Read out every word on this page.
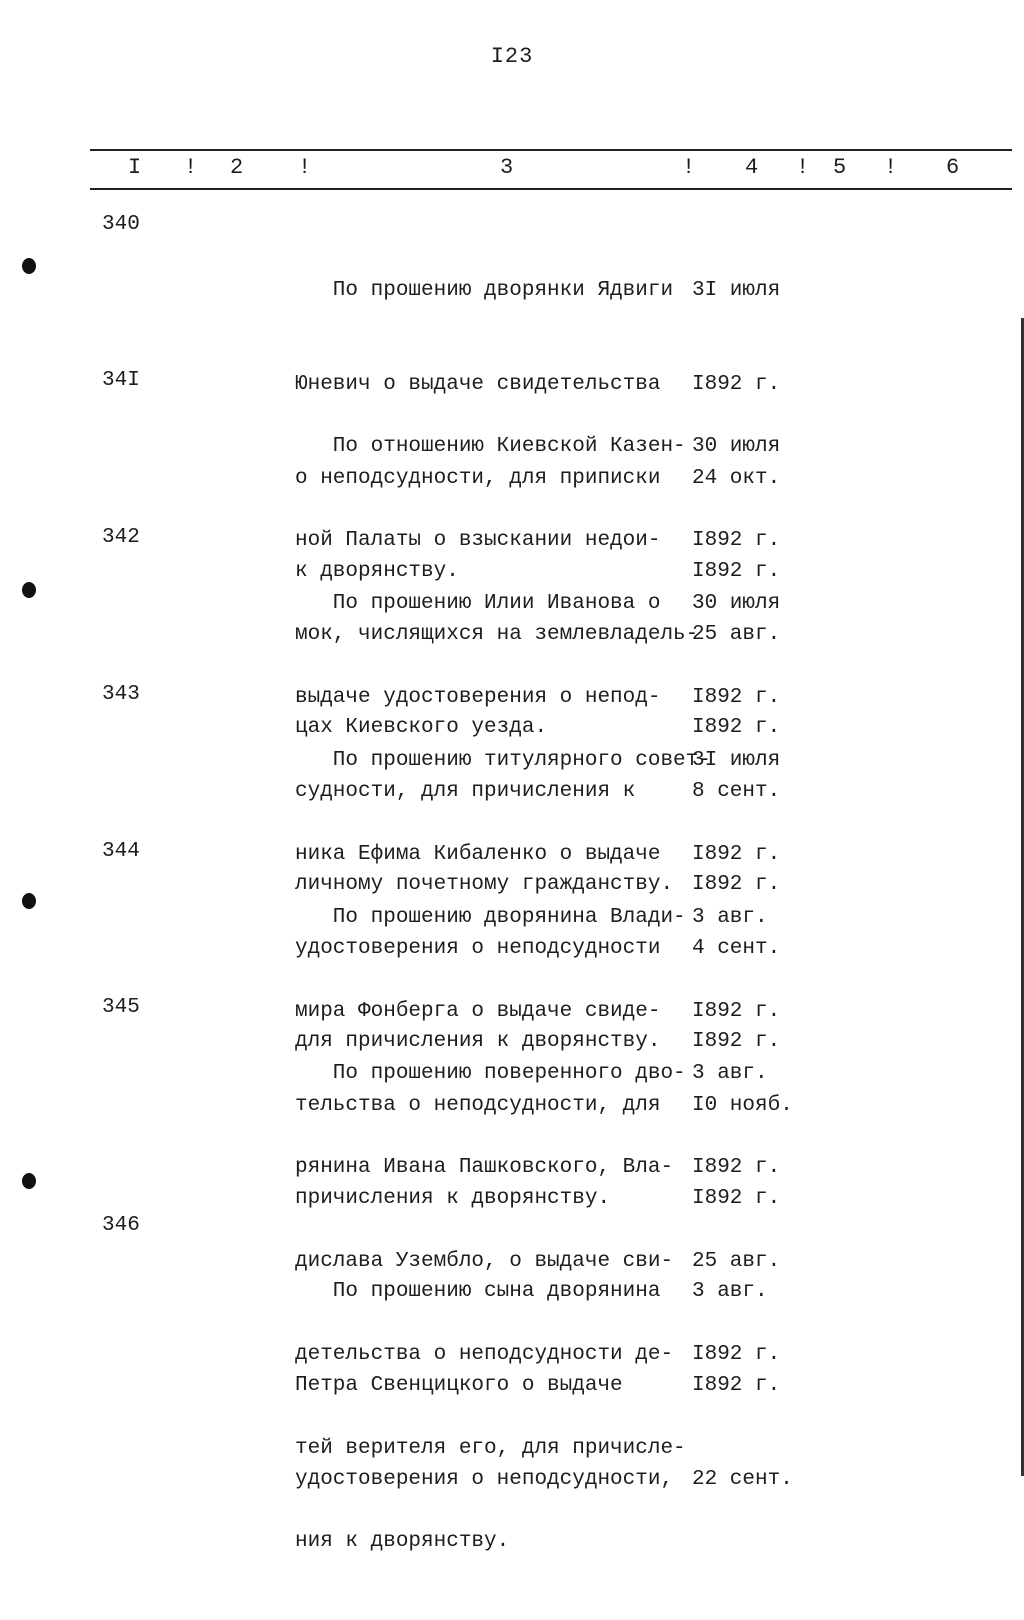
I23

I

!

2

!

	3

	!

4

!

5

!

6

340

По прошению дворянки Ядвиги

Юневич о выдаче свидетельства

о неподсудности, для приписки

к дворянству.

3I июля

I892 г.

24 окт.

I892 г.

34I

По отношению Киевской Казен-

ной Палаты о взыскании недои-

мок, числящихся на землевладель-

цах Киевского уезда.

30 июля

I892 г.

25 авг.

I892 г.

342

По прошению Илии Иванова о

выдаче удостоверения о непод-

судности, для причисления к

личному почетному гражданству.

30 июля

I892 г.

8 сент.

I892 г.

343

По прошению титулярного совет-

ника Ефима Кибаленко о выдаче

удостоверения о неподсудности

для причисления к дворянству.

3I июля

I892 г.

4 сент.

I892 г.

344

По прошению дворянина Влади-

мира Фонберга о выдаче свиде-

тельства о неподсудности, для

причисления к дворянству.

3 авг.

I892 г.

I0 нояб.

I892 г.

345

По прошению поверенного дво-

рянина Ивана Пашковского, Вла-

дислава Узембло, о выдаче сви-

детельства о неподсудности де-

тей верителя его, для причисле-

ния к дворянству.

3 авг.

I892 г.

25 авг.

I892 г.

346

По прошению сына дворянина

Петра Свенцицкого о выдаче

удостоверения о неподсудности,

3 авг.

I892 г.

22 сент.
